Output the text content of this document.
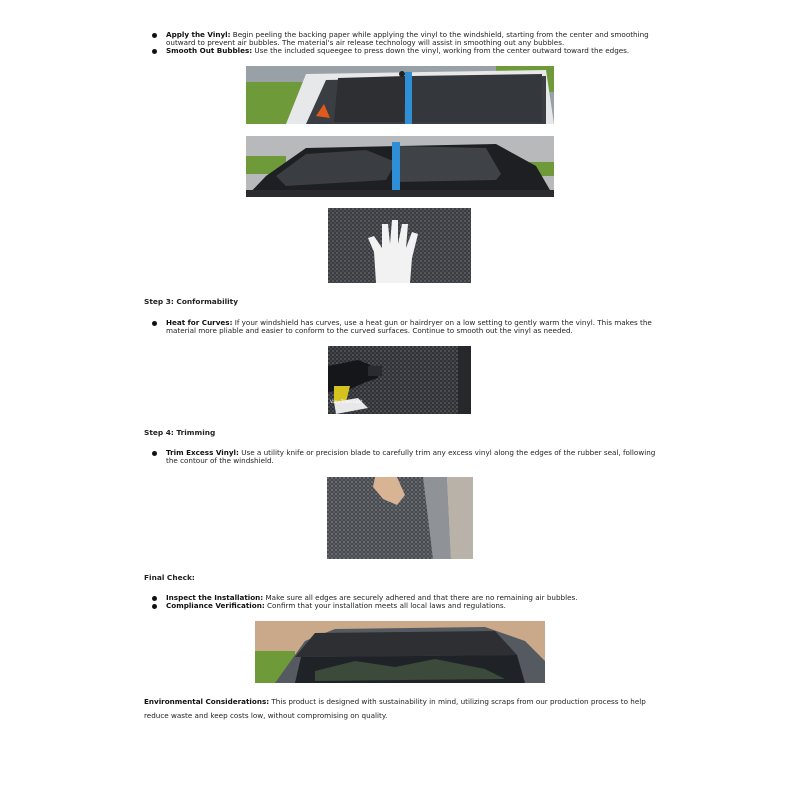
Apply the Vinyl: Begin peeling the backing paper while applying the vinyl to the windshield, starting from the center and smoothing outward to prevent air bubbles. The material's air release technology will assist in smoothing out any bubbles.
Smooth Out Bubbles: Use the included squeegee to press down the vinyl, working from the center outward toward the edges.
Step 3: Conformability
Heat for Curves: If your windshield has curves, use a heat gun or hairdryer on a low setting to gently warm the vinyl. This makes the material more pliable and easier to conform to the curved surfaces. Continue to smooth out the vinyl as needed.
Vany Triple Coat
Step 4: Trimming
Trim Excess Vinyl: Use a utility knife or precision blade to carefully trim any excess vinyl along the edges of the rubber seal, following the contour of the windshield.
Final Check:
Inspect the Installation: Make sure all edges are securely adhered and that there are no remaining air bubbles.
Compliance Verification: Confirm that your installation meets all local laws and regulations.
Environmental Considerations: This product is designed with sustainability in mind, utilizing scraps from our production process to help reduce waste and keep costs low, without compromising on quality.
